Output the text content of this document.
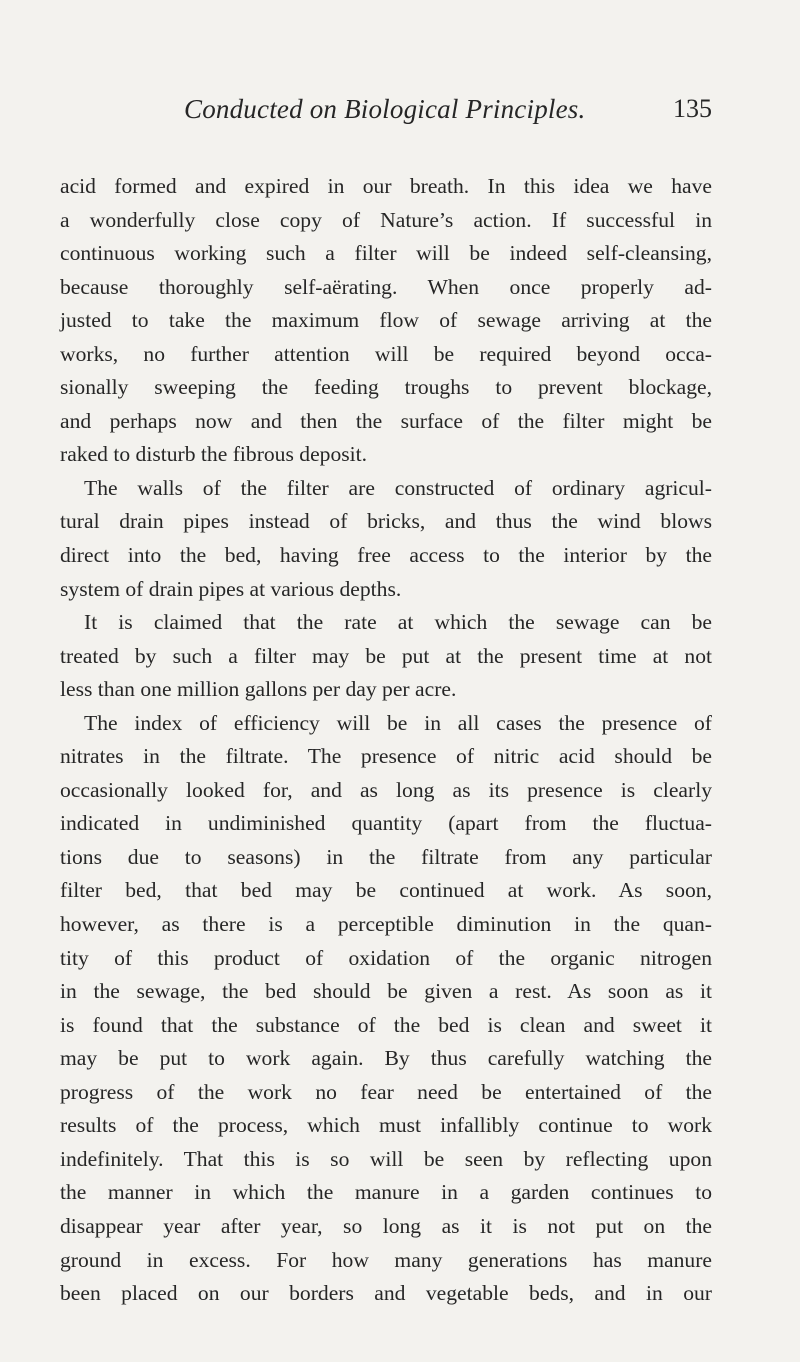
Conducted on Biological Principles.	135
acid formed and expired in our breath. In this idea we have
a wonderfully close copy of Nature’s action. If successful in
continuous working such a filter will be indeed self-cleansing,
because thoroughly self-aërating. When once properly ad-
justed to take the maximum flow of sewage arriving at the
works, no further attention will be required beyond occa-
sionally sweeping the feeding troughs to prevent blockage,
and perhaps now and then the surface of the filter might be
raked to disturb the fibrous deposit.
The walls of the filter are constructed of ordinary agricul-
tural drain pipes instead of bricks, and thus the wind blows
direct into the bed, having free access to the interior by the
system of drain pipes at various depths.
It is claimed that the rate at which the sewage can be
treated by such a filter may be put at the present time at not
less than one million gallons per day per acre.
The index of efficiency will be in all cases the presence of
nitrates in the filtrate. The presence of nitric acid should be
occasionally looked for, and as long as its presence is clearly
indicated in undiminished quantity (apart from the fluctua-
tions due to seasons) in the filtrate from any particular
filter bed, that bed may be continued at work. As soon,
however, as there is a perceptible diminution in the quan-
tity of this product of oxidation of the organic nitrogen
in the sewage, the bed should be given a rest. As soon as it
is found that the substance of the bed is clean and sweet it
may be put to work again. By thus carefully watching the
progress of the work no fear need be entertained of the
results of the process, which must infallibly continue to work
indefinitely. That this is so will be seen by reflecting upon
the manner in which the manure in a garden continues to
disappear year after year, so long as it is not put on the
ground in excess. For how many generations has manure
been placed on our borders and vegetable beds, and in our
